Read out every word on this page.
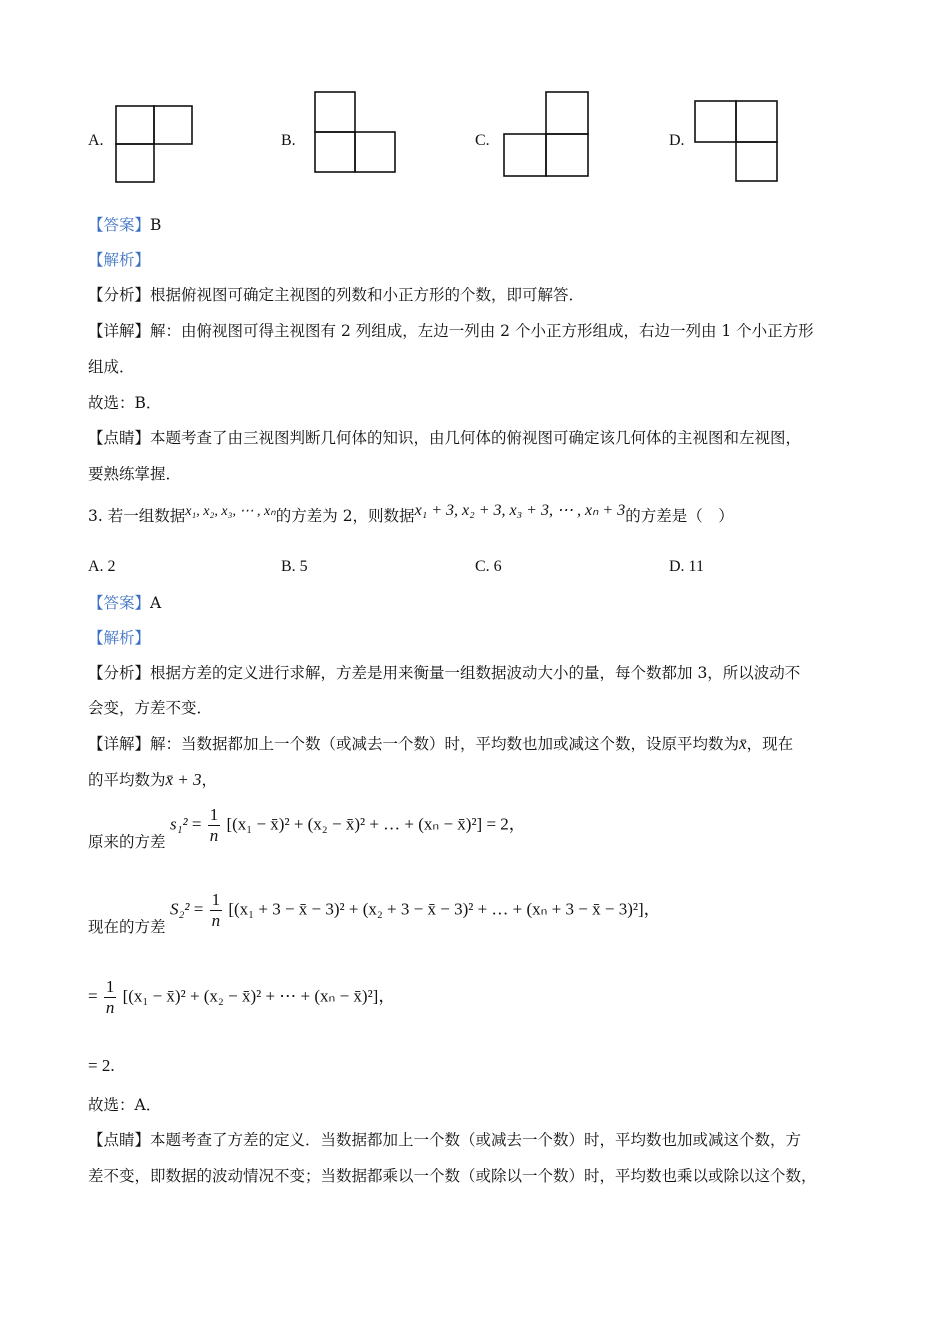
A.	B.	C.	D.
【答案】B
【解析】
【分析】根据俯视图可确定主视图的列数和小正方形的个数，即可解答．
【详解】解：由俯视图可得主视图有 2 列组成，左边一列由 2 个小正方形组成，右边一列由 1 个小正方形
组成．
故选：B．
【点睛】本题考查了由三视图判断几何体的知识，由几何体的俯视图可确定该几何体的主视图和左视图，
要熟练掌握．
3. 若一组数据x₁, x₂, x₃, ⋯ , xₙ的方差为 2，则数据x₁ + 3, x₂ + 3, x₃ + 3, ⋯ , xₙ + 3的方差是（　）
A. 2	B. 5	C. 6	D. 11
【答案】A
【解析】
【分析】根据方差的定义进行求解，方差是用来衡量一组数据波动大小的量，每个数都加 3，所以波动不
会变，方差不变．
【详解】解：当数据都加上一个数（或减去一个数）时，平均数也加或减这个数，设原平均数为x̄，现在
的平均数为x̄ + 3，
原来的方差
$s_1^2 = \frac{1}{n} [(x_1$ − x̄)² + (x₂ − x̄)² + … + (xₙ − x̄)²] = 2，
现在的方差
$S_2^2 = \frac{1}{n} [(x_1 + 3$ − x̄ − 3)² + (x₂ + 3 − x̄ − 3)² + … + (xₙ + 3 − x̄ − 3)²]，
= $\frac{1}{n} [(x_1$ − x̄)² + (x₂ − x̄)² + ⋯ + (xₙ − x̄)²]，
= 2.
故选：A．
【点睛】本题考查了方差的定义．当数据都加上一个数（或减去一个数）时，平均数也加或减这个数，方
差不变，即数据的波动情况不变；当数据都乘以一个数（或除以一个数）时，平均数也乘以或除以这个数，
